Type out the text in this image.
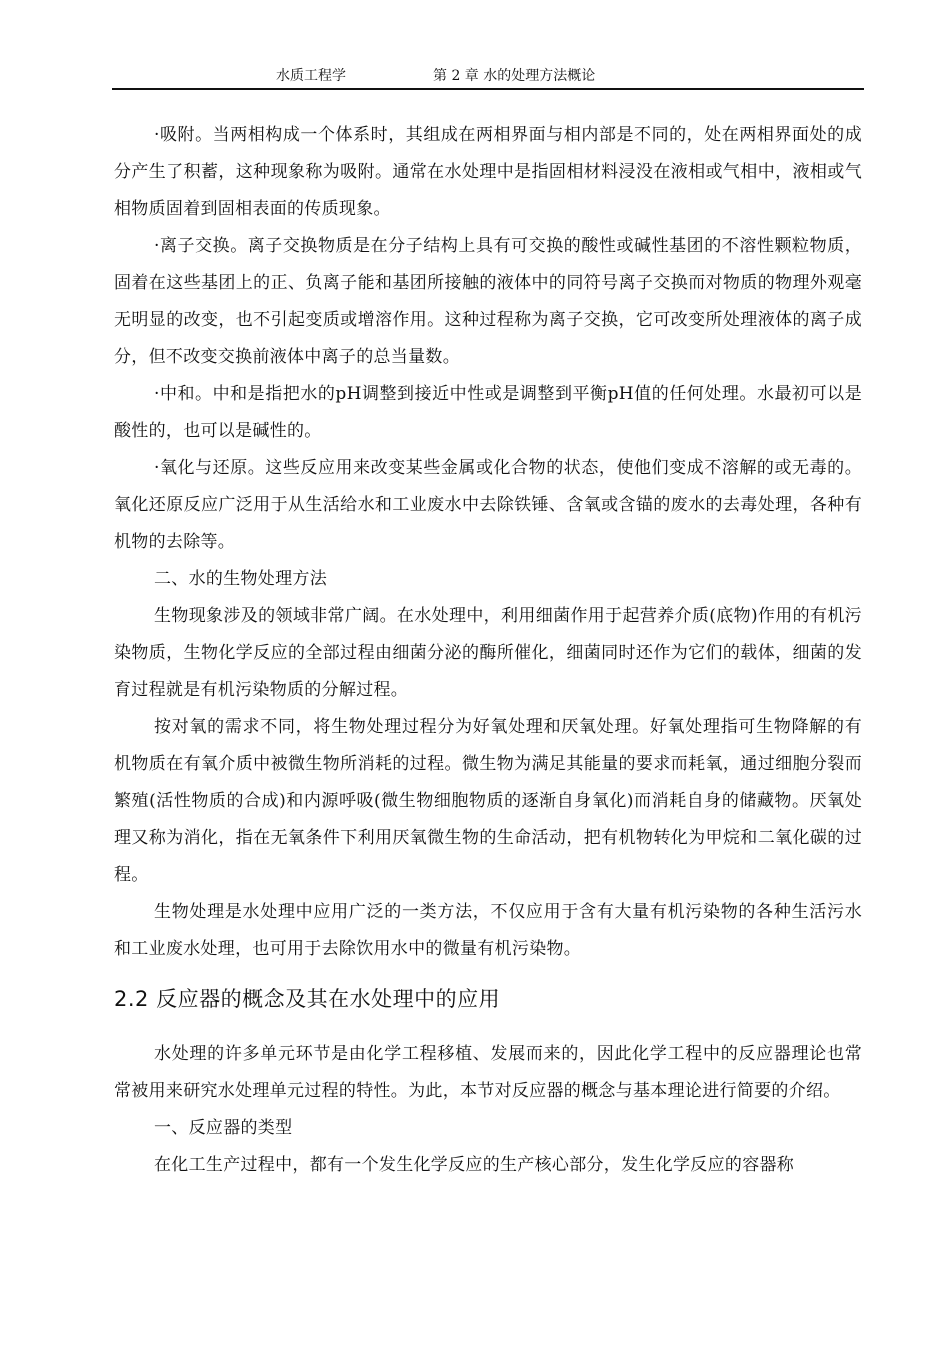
水质工程学	第 2 章 水的处理方法概论

·吸附。当两相构成一个体系时，其组成在两相界面与相内部是不同的，处在两相界面处的成分产生了积蓄，这种现象称为吸附。通常在水处理中是指固相材料浸没在液相或气相中，液相或气相物质固着到固相表面的传质现象。

·离子交换。离子交换物质是在分子结构上具有可交换的酸性或碱性基团的不溶性颗粒物质，固着在这些基团上的正、负离子能和基团所接触的液体中的同符号离子交换而对物质的物理外观毫无明显的改变，也不引起变质或增溶作用。这种过程称为离子交换，它可改变所处理液体的离子成分，但不改变交换前液体中离子的总当量数。

·中和。中和是指把水的pH调整到接近中性或是调整到平衡pH值的任何处理。水最初可以是酸性的，也可以是碱性的。

·氧化与还原。这些反应用来改变某些金属或化合物的状态，使他们变成不溶解的或无毒的。氧化还原反应广泛用于从生活给水和工业废水中去除铁锤、含氧或含锚的废水的去毒处理，各种有机物的去除等。

二、水的生物处理方法

生物现象涉及的领域非常广阔。在水处理中，利用细菌作用于起营养介质(底物)作用的有机污染物质，生物化学反应的全部过程由细菌分泌的酶所催化，细菌同时还作为它们的载体，细菌的发育过程就是有机污染物质的分解过程。

按对氧的需求不同，将生物处理过程分为好氧处理和厌氧处理。好氧处理指可生物降解的有机物质在有氧介质中被微生物所消耗的过程。微生物为满足其能量的要求而耗氧，通过细胞分裂而繁殖(活性物质的合成)和内源呼吸(微生物细胞物质的逐渐自身氧化)而消耗自身的储藏物。厌氧处理又称为消化，指在无氧条件下利用厌氧微生物的生命活动，把有机物转化为甲烷和二氧化碳的过程。

生物处理是水处理中应用广泛的一类方法，不仅应用于含有大量有机污染物的各种生活污水和工业废水处理，也可用于去除饮用水中的微量有机污染物。

2.2 反应器的概念及其在水处理中的应用

水处理的许多单元环节是由化学工程移植、发展而来的，因此化学工程中的反应器理论也常常被用来研究水处理单元过程的特性。为此，本节对反应器的概念与基本理论进行简要的介绍。

一、反应器的类型

在化工生产过程中，都有一个发生化学反应的生产核心部分，发生化学反应的容器称
